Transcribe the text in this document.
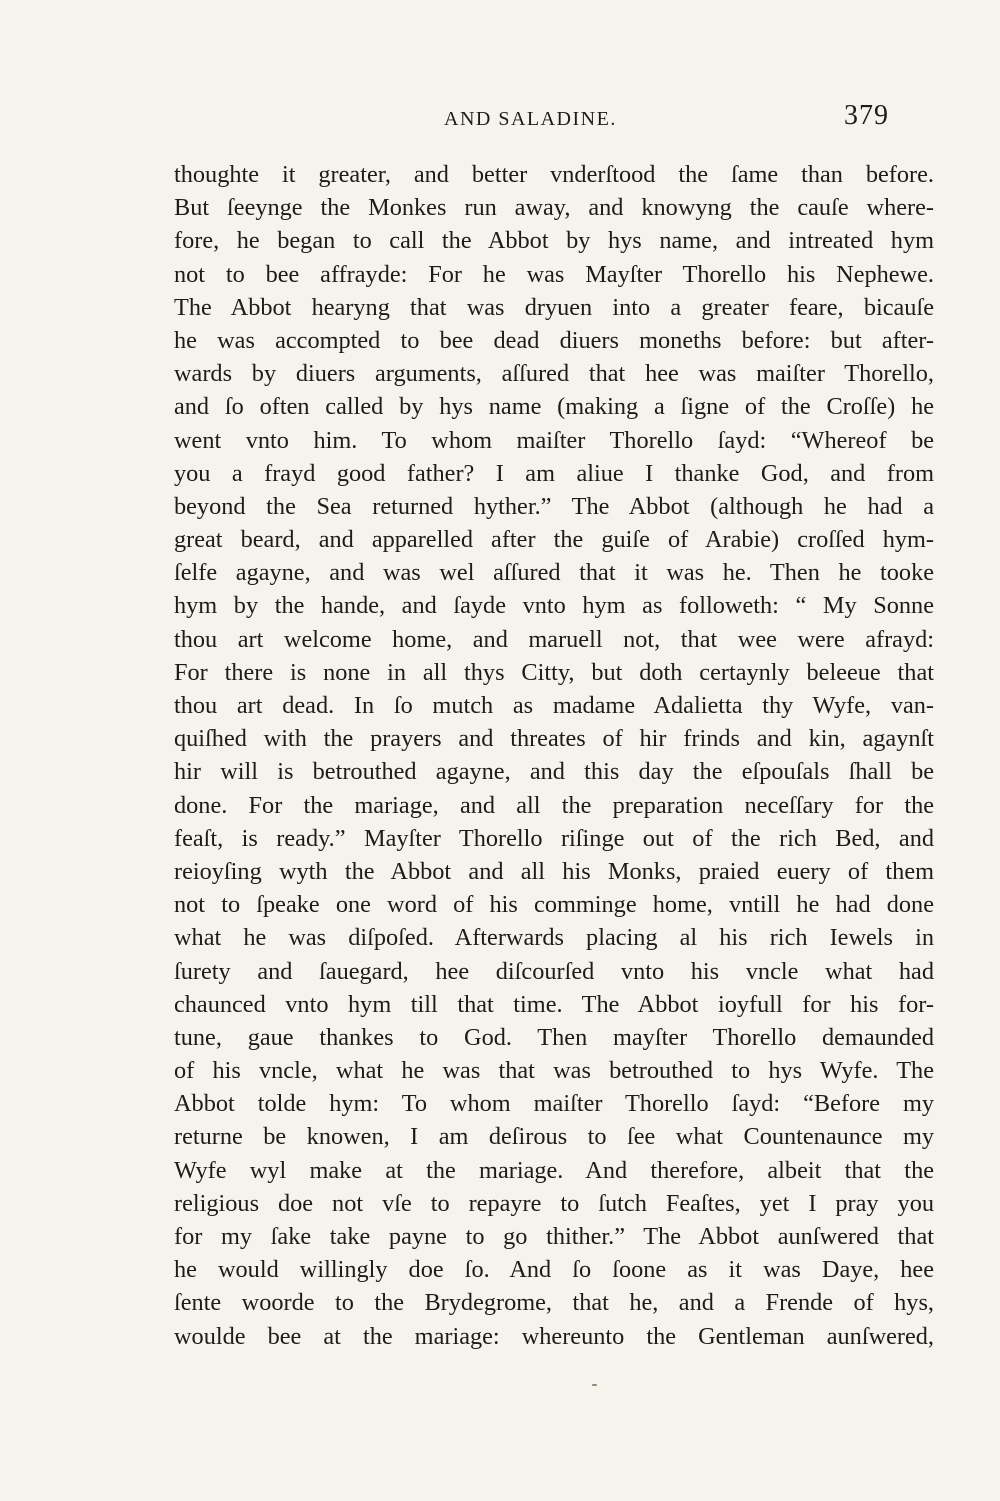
AND SALADINE.	379
thoughte it greater, and better vnderſtood the ſame than before.
But ſeeynge the Monkes run away, and knowyng the cauſe where-
fore, he began to call the Abbot by hys name, and intreated hym
not to bee affrayde: For he was Mayſter Thorello his Nephewe.
The Abbot hearyng that was dryuen into a greater feare, bicauſe
he was accompted to bee dead diuers moneths before: but after-
wards by diuers arguments, aſſured that hee was maiſter Thorello,
and ſo often called by hys name (making a ſigne of the Croſſe) he
went vnto him. To whom maiſter Thorello ſayd: “Whereof be
you a frayd good father? I am aliue I thanke God, and from
beyond the Sea returned hyther.” The Abbot (although he had a
great beard, and apparelled after the guiſe of Arabie) croſſed hym-
ſelfe agayne, and was wel aſſured that it was he. Then he tooke
hym by the hande, and ſayde vnto hym as followeth: “ My Sonne
thou art welcome home, and maruell not, that wee were afrayd:
For there is none in all thys Citty, but doth certaynly beleeue that
thou art dead. In ſo mutch as madame Adalietta thy Wyfe, van-
quiſhed with the prayers and threates of hir frinds and kin, agaynſt
hir will is betrouthed agayne, and this day the eſpouſals ſhall be
done. For the mariage, and all the preparation neceſſary for the
feaſt, is ready.” Mayſter Thorello riſinge out of the rich Bed, and
reioyſing wyth the Abbot and all his Monks, praied euery of them
not to ſpeake one word of his comminge home, vntill he had done
what he was diſpoſed. Afterwards placing al his rich Iewels in
ſurety and ſauegard, hee diſcourſed vnto his vncle what had
chaunced vnto hym till that time. The Abbot ioyfull for his for-
tune, gaue thankes to God. Then mayſter Thorello demaunded
of his vncle, what he was that was betrouthed to hys Wyfe. The
Abbot tolde hym: To whom maiſter Thorello ſayd: “Before my
returne be knowen, I am deſirous to ſee what Countenaunce my
Wyfe wyl make at the mariage. And therefore, albeit that the
religious doe not vſe to repayre to ſutch Feaſtes, yet I pray you
for my ſake take payne to go thither.” The Abbot aunſwered that
he would willingly doe ſo. And ſo ſoone as it was Daye, hee
ſente woorde to the Brydegrome, that he, and a Frende of hys,
woulde bee at the mariage: whereunto the Gentleman aunſwered,
